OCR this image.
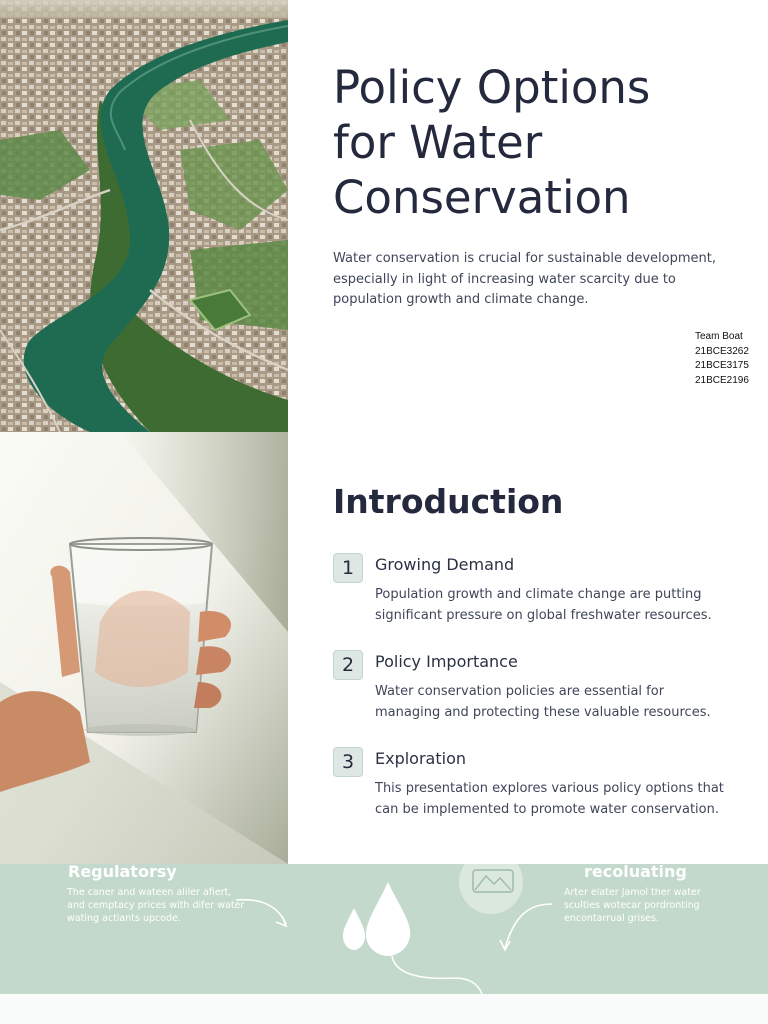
Policy Options
for Water
Conservation

Water conservation is crucial for sustainable development, especially in light of increasing water scarcity due to population growth and climate change.

Team Boat
21BCE3262
21BCE3175
21BCE2196
Introduction
1	Growing Demand
Population growth and climate change are putting significant pressure on global freshwater resources.
2	Policy Importance
Water conservation policies are essential for managing and protecting these valuable resources.
3	Exploration
This presentation explores various policy options that can be implemented to promote water conservation.
Regulatorsy
The caner and wateen aliler afiert, and cemptacy prices with difer water wating actiants upcode.
recoluating
Arter elater Jamol ther water sculties wotecar pordronting encontarrual grises.
